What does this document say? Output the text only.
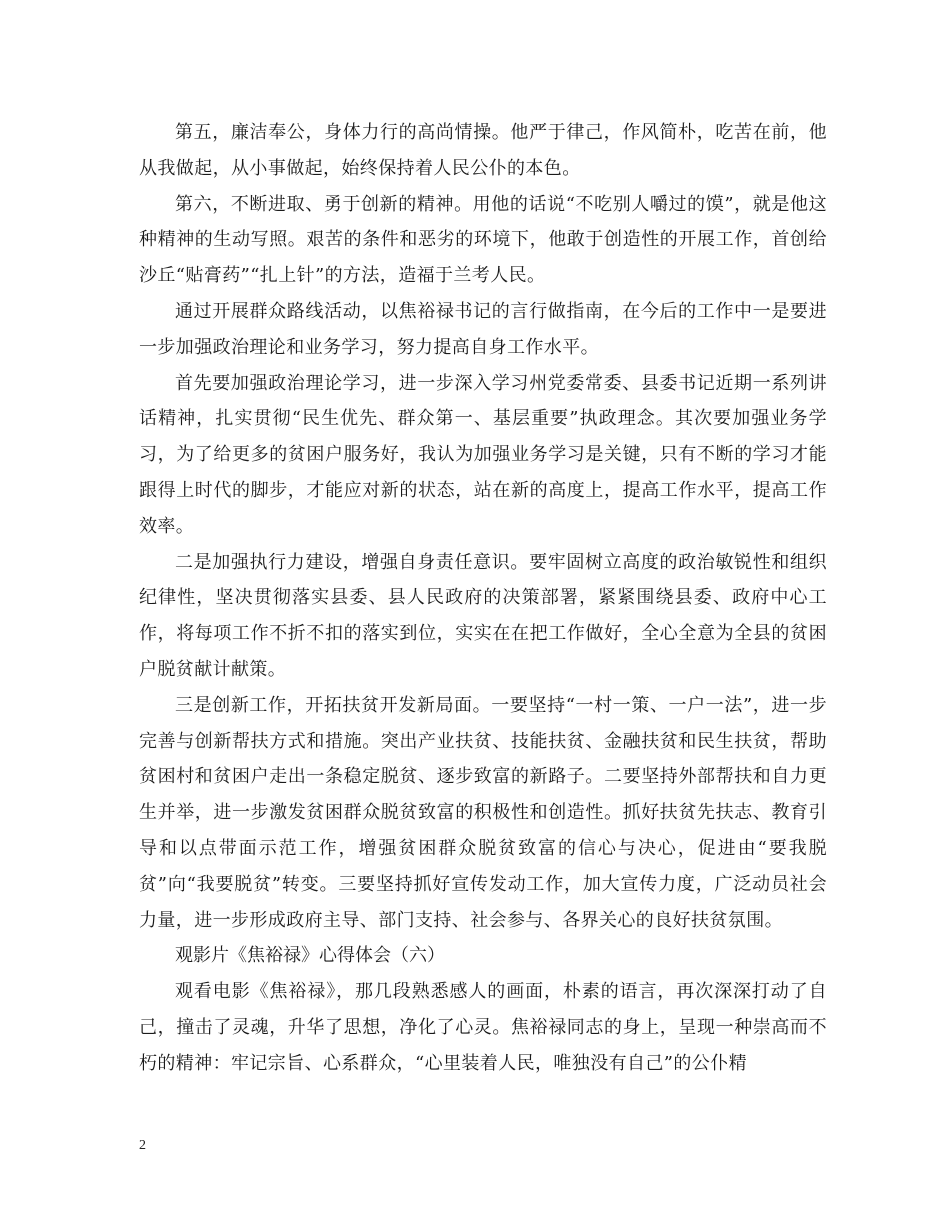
第五，廉洁奉公，身体力行的高尚情操。他严于律己，作风简朴，吃苦在前，他从我做起，从小事做起，始终保持着人民公仆的本色。

第六，不断进取、勇于创新的精神。用他的话说“不吃别人嚼过的馍”，就是他这种精神的生动写照。艰苦的条件和恶劣的环境下，他敢于创造性的开展工作，首创给沙丘“贴膏药”“扎上针”的方法，造福于兰考人民。

通过开展群众路线活动，以焦裕禄书记的言行做指南，在今后的工作中一是要进一步加强政治理论和业务学习，努力提高自身工作水平。

首先要加强政治理论学习，进一步深入学习州党委常委、县委书记近期一系列讲话精神，扎实贯彻“民生优先、群众第一、基层重要”执政理念。其次要加强业务学习，为了给更多的贫困户服务好，我认为加强业务学习是关键，只有不断的学习才能跟得上时代的脚步，才能应对新的状态，站在新的高度上，提高工作水平，提高工作效率。

二是加强执行力建设，增强自身责任意识。要牢固树立高度的政治敏锐性和组织纪律性，坚决贯彻落实县委、县人民政府的决策部署，紧紧围绕县委、政府中心工作，将每项工作不折不扣的落实到位，实实在在把工作做好，全心全意为全县的贫困户脱贫献计献策。

三是创新工作，开拓扶贫开发新局面。一要坚持“一村一策、一户一法”，进一步完善与创新帮扶方式和措施。突出产业扶贫、技能扶贫、金融扶贫和民生扶贫，帮助贫困村和贫困户走出一条稳定脱贫、逐步致富的新路子。二要坚持外部帮扶和自力更生并举，进一步激发贫困群众脱贫致富的积极性和创造性。抓好扶贫先扶志、教育引导和以点带面示范工作，增强贫困群众脱贫致富的信心与决心，促进由“要我脱贫”向“我要脱贫”转变。三要坚持抓好宣传发动工作，加大宣传力度，广泛动员社会力量，进一步形成政府主导、部门支持、社会参与、各界关心的良好扶贫氛围。

观影片《焦裕禄》心得体会（六）

观看电影《焦裕禄》，那几段熟悉感人的画面，朴素的语言，再次深深打动了自己，撞击了灵魂，升华了思想，净化了心灵。焦裕禄同志的身上，呈现一种崇高而不朽的精神：牢记宗旨、心系群众，“心里装着人民，唯独没有自己”的公仆精

2
